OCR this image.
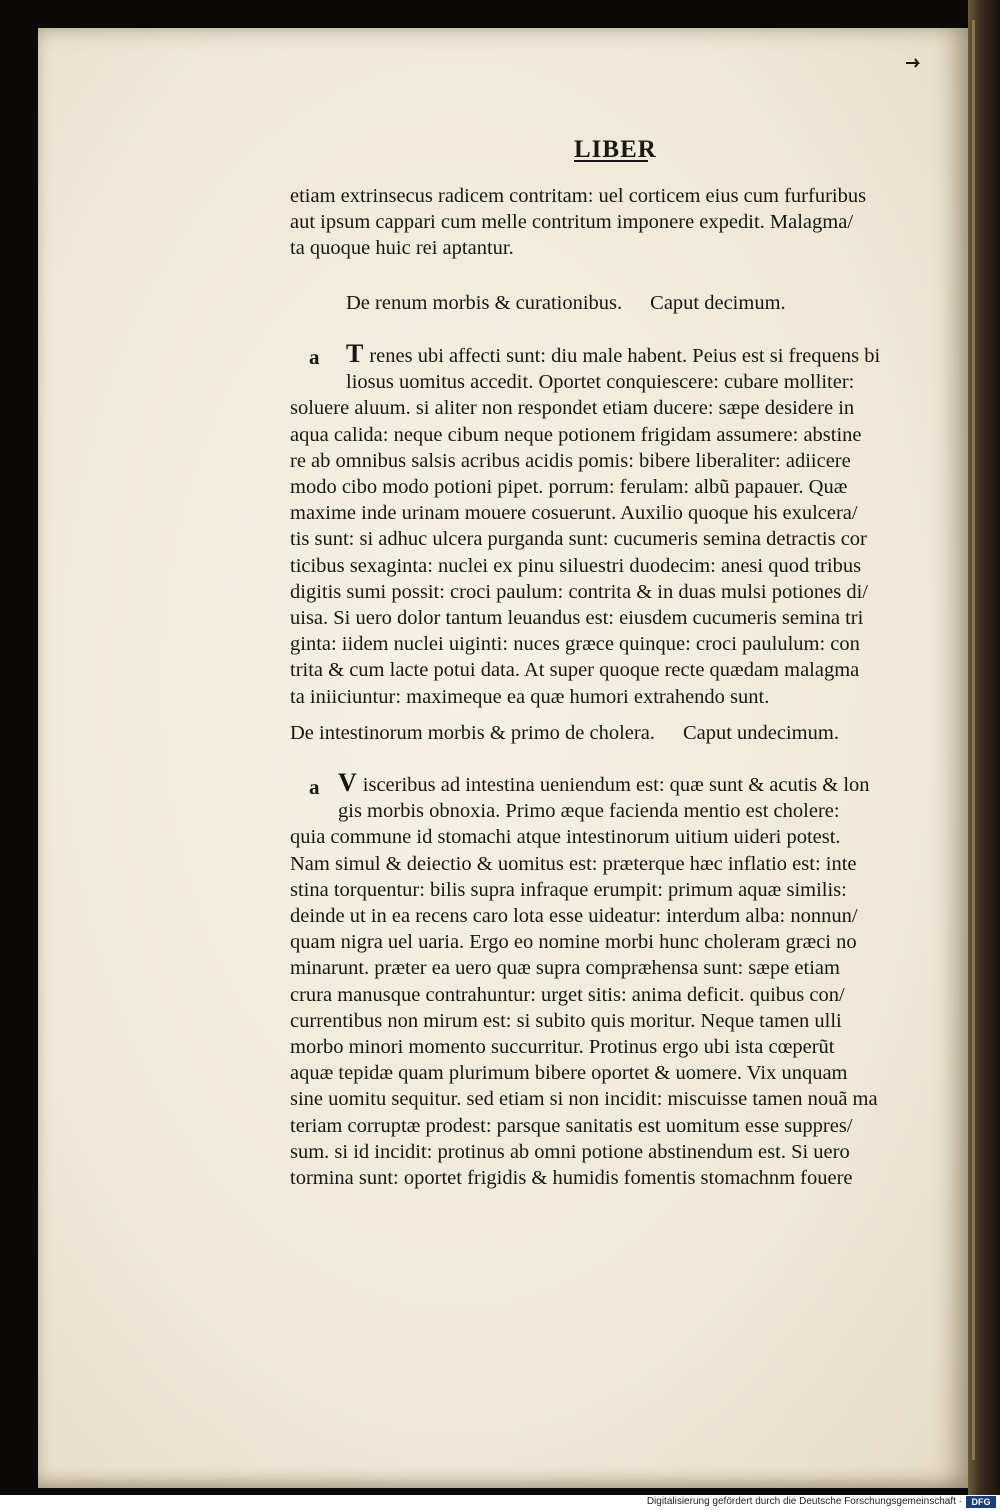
LIBER
etiam extrinsecus radicem contritam: uel corticem eius cum furfuribus
aut ipsum cappari cum melle contritum imponere expedit. Malagma/
ta quoque huic rei aptantur.
De renum morbis & curationibus. Caput decimum.
a	T renes ubi affecti sunt: diu male habent. Peius est si frequens bi
liosus uomitus accedit. Oportet conquiescere: cubare molliter:
soluere aluum. si aliter non respondet etiam ducere: sæpe desidere in
aqua calida: neque cibum neque potionem frigidam assumere: abstine
re ab omnibus salsis acribus acidis pomis: bibere liberaliter: adiicere
modo cibo modo potioni pipet. porrum: ferulam: albũ papauer. Quæ
maxime inde urinam mouere cosuerunt. Auxilio quoque his exulcera/
tis sunt: si adhuc ulcera purganda sunt: cucumeris semina detractis cor
ticibus sexaginta: nuclei ex pinu siluestri duodecim: anesi quod tribus
digitis sumi possit: croci paulum: contrita & in duas mulsi potiones di/
uisa. Si uero dolor tantum leuandus est: eiusdem cucumeris semina tri
ginta: iidem nuclei uiginti: nuces græce quinque: croci paululum: con
trita & cum lacte potui data. At super quoque recte quædam malagma
ta iniiciuntur: maximeque ea quæ humori extrahendo sunt.
De intestinorum morbis & primo de cholera. Caput undecimum.
a V isceribus ad intestina ueniendum est: quæ sunt & acutis & lon
gis morbis obnoxia. Primo æque facienda mentio est cholere:
quia commune id stomachi atque intestinorum uitium uideri potest.
Nam simul & deiectio & uomitus est: præterque hæc inflatio est: inte
stina torquentur: bilis supra infraque erumpit: primum aquæ similis:
deinde ut in ea recens caro lota esse uideatur: interdum alba: nonnun/
quam nigra uel uaria. Ergo eo nomine morbi hunc choleram græci no
minarunt. præter ea uero quæ supra compræhensa sunt: sæpe etiam
crura manusque contrahuntur: urget sitis: anima deficit. quibus con/
currentibus non mirum est: si subito quis moritur. Neque tamen ulli
morbo minori momento succurritur. Protinus ergo ubi ista cœperũt
aquæ tepidæ quam plurimum bibere oportet & uomere. Vix unquam
sine uomitu sequitur. sed etiam si non incidit: miscuisse tamen nouã ma
teriam corruptæ prodest: parsque sanitatis est uomitum esse suppres/
sum. si id incidit: protinus ab omni potione abstinendum est. Si uero
tormina sunt: oportet frigidis & humidis fomentis stomachnm fouere
Digitalisierung gefördert durch die Deutsche Forschungsgemeinschaft ·	DFG
